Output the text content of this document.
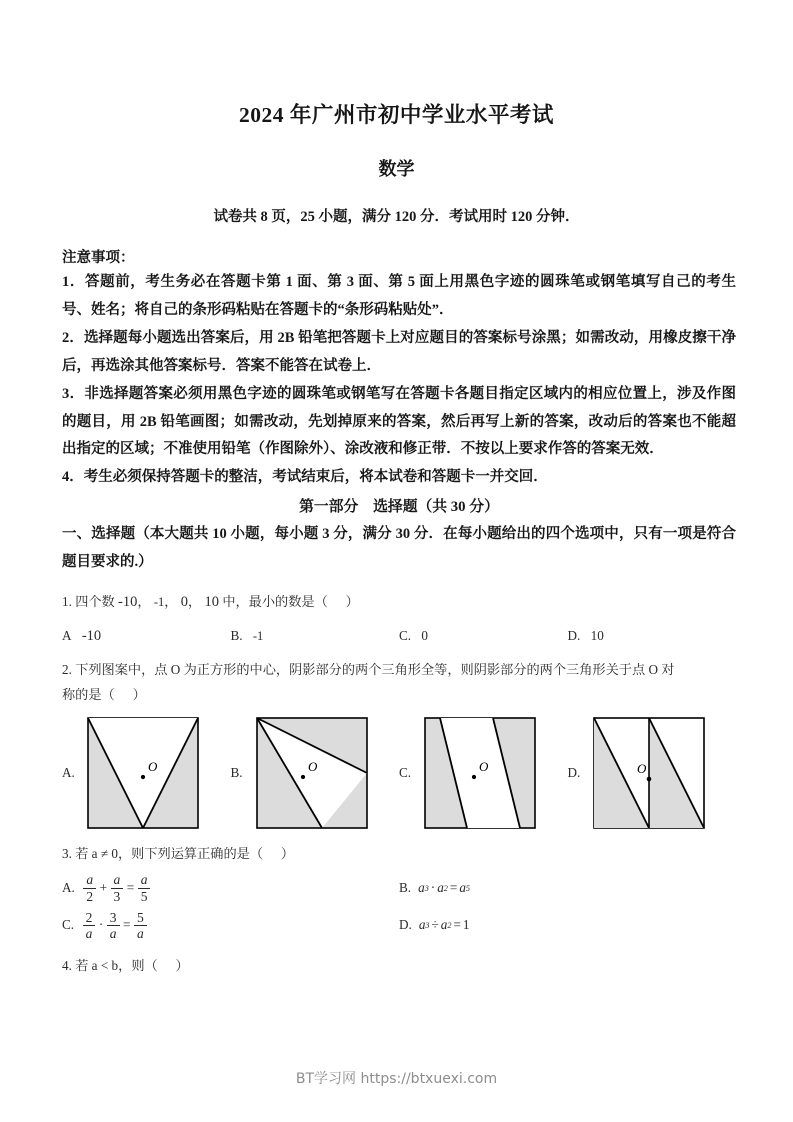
2024 年广州市初中学业水平考试
数学
试卷共 8 页，25 小题，满分 120 分．考试用时 120 分钟．
注意事项：

1．答题前，考生务必在答题卡第 1 面、第 3 面、第 5 面上用黑色字迹的圆珠笔或钢笔填写自己的考生号、姓名；将自己的条形码粘贴在答题卡的“条形码粘贴处”．

2．选择题每小题选出答案后，用 2B 铅笔把答题卡上对应题目的答案标号涂黑；如需改动，用橡皮擦干净后，再选涂其他答案标号．答案不能答在试卷上．

3．非选择题答案必须用黑色字迹的圆珠笔或钢笔写在答题卡各题目指定区域内的相应位置上，涉及作图的题目，用 2B 铅笔画图；如需改动，先划掉原来的答案，然后再写上新的答案，改动后的答案也不能超出指定的区域；不准使用铅笔（作图除外）、涂改液和修正带．不按以上要求作答的答案无效．

4．考生必须保持答题卡的整洁，考试结束后，将本试卷和答题卡一并交回．

第一部分　选择题（共 30 分）

一、选择题（本大题共 10 小题，每小题 3 分，满分 30 分．在每小题给出的四个选项中，只有一项是符合题目要求的.）

1. 四个数 -10， -1， 0， 10 中，最小的数是（ ）
A -10	B. -1	C. 0	D. 10
2. 下列图案中，点 O 为正方形的中心，阴影部分的两个三角形全等，则阴影部分的两个三角形关于点 O 对
称的是（ ）
A.	O	B.	O	C.	O	D.	O
3. 若 a ≠ 0，则下列运算正确的是（ ）
A. $\frac{a}{2} + \frac{a}{3} = \frac{a}{5}$	B. a 3 · a 2 = a 5
C. $\frac{2}{a} \cdot \frac{3}{a} = \frac{5}{a}$	D. a 3 ÷ a 2 = 1
4. 若 a < b，则（ ）
BT学习网 https://btxuexi.com
